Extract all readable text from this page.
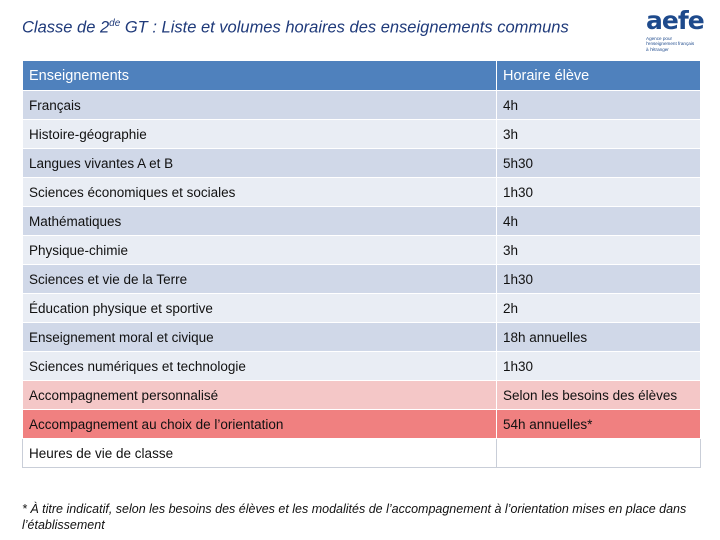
Classe de 2de GT : Liste et volumes horaires des enseignements communs	aefe
Agence pour
l'enseignement français
à l'étranger
Enseignements	Horaire élève
Français	4h
Histoire-géographie	3h
Langues vivantes A et B	5h30
Sciences économiques et sociales	1h30
Mathématiques	4h
Physique-chimie	3h
Sciences et vie de la Terre	1h30
Éducation physique et sportive	2h
Enseignement moral et civique	18h annuelles
Sciences numériques et technologie	1h30
Accompagnement personnalisé	Selon les besoins des élèves
Accompagnement au choix de l’orientation	54h annuelles*
Heures de vie de classe	
* À titre indicatif, selon les besoins des élèves et les modalités de l’accompagnement à l’orientation mises en place dans l’établissement
